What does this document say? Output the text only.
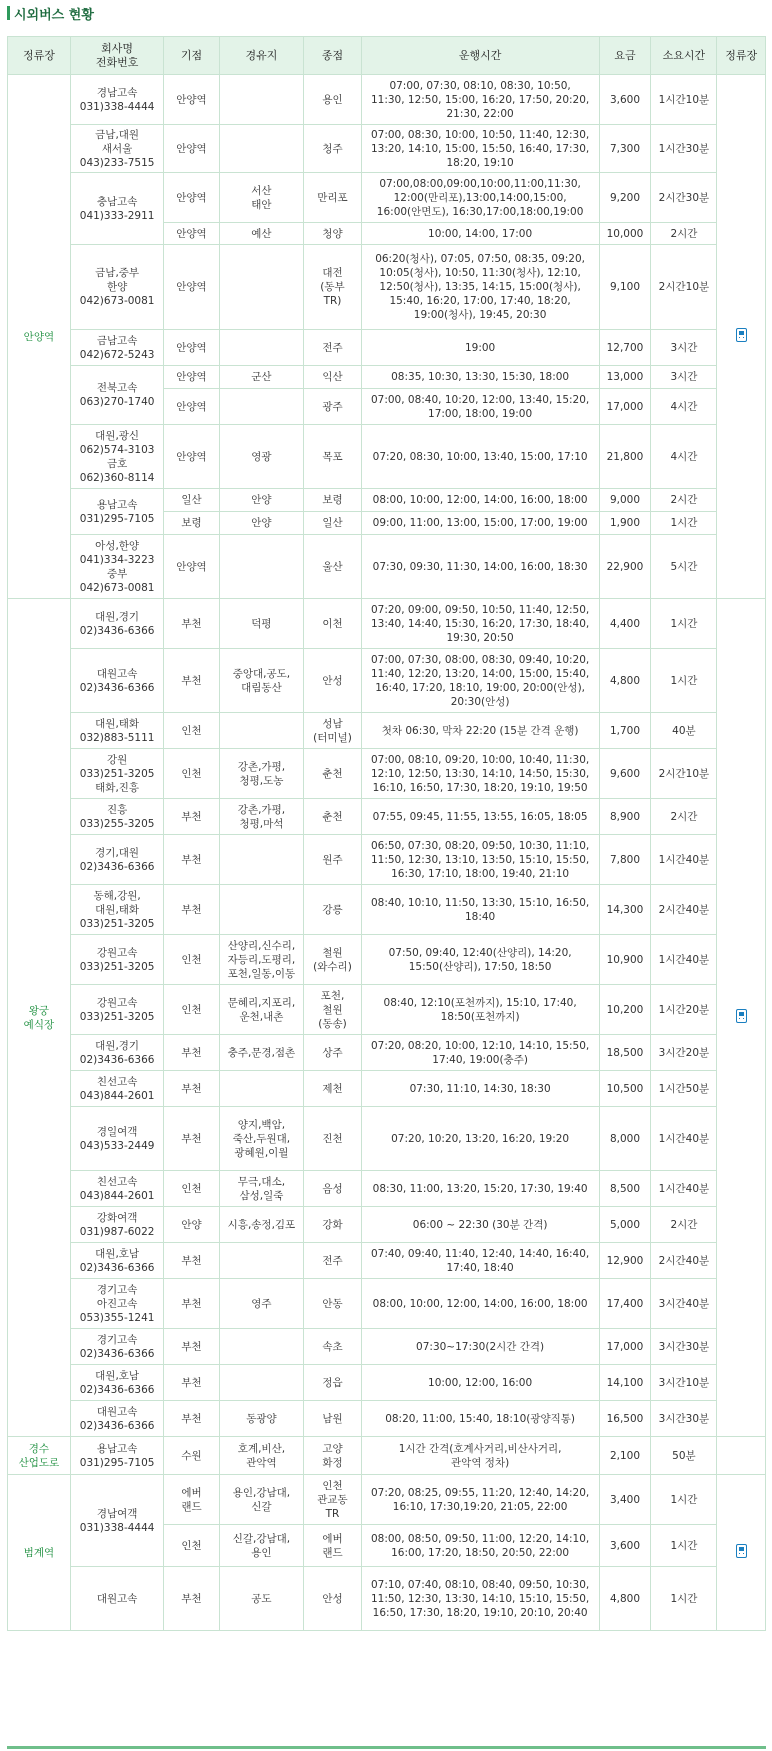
시외버스 현황
정류장	회사명
전화번호	기점	경유지	종점	운행시간	요금	소요시간	정류장
안양역	경남고속
031)338-4444	안양역		용인	07:00, 07:30, 08:10, 08:30, 10:50,
11:30, 12:50, 15:00, 16:20, 17:50, 20:20,
21:30, 22:00	3,600	1시간10분	
	금남,대원
새서울
043)233-7515	안양역		청주	07:00, 08:30, 10:00, 10:50, 11:40, 12:30,
13:20, 14:10, 15:00, 15:50, 16:40, 17:30,
18:20, 19:10	7,300	1시간30분	
	충남고속
041)333-2911	안양역	서산
태안	만리포	07:00,08:00,09:00,10:00,11:00,11:30,
12:00(만리포),13:00,14:00,15:00,
16:00(안면도), 16:30,17:00,18:00,19:00	9,200	2시간30분	
		안양역	예산	청양	10:00, 14:00, 17:00	10,000	2시간	
	금남,중부
한양
042)673-0081	안양역		대전
(동부
TR)	06:20(청사), 07:05, 07:50, 08:35, 09:20,
10:05(청사), 10:50, 11:30(청사), 12:10,
12:50(청사), 13:35, 14:15, 15:00(청사),
15:40, 16:20, 17:00, 17:40, 18:20,
19:00(청사), 19:45, 20:30	9,100	2시간10분	
	금남고속
042)672-5243	안양역		전주	19:00	12,700	3시간	
	전북고속
063)270-1740	안양역	군산	익산	08:35, 10:30, 13:30, 15:30, 18:00	13,000	3시간	
		안양역		광주	07:00, 08:40, 10:20, 12:00, 13:40, 15:20,
17:00, 18:00, 19:00	17,000	4시간	
	대원,광신
062)574-3103
금호
062)360-8114	안양역	영광	목포	07:20, 08:30, 10:00, 13:40, 15:00, 17:10	21,800	4시간	
	용남고속
031)295-7105	일산	안양	보령	08:00, 10:00, 12:00, 14:00, 16:00, 18:00	9,000	2시간	
		보령	안양	일산	09:00, 11:00, 13:00, 15:00, 17:00, 19:00	1,900	1시간	
	아성,한양
041)334-3223
중부
042)673-0081	안양역		울산	07:30, 09:30, 11:30, 14:00, 16:00, 18:30	22,900	5시간	
왕궁
예식장	대원,경기
02)3436-6366	부천	덕평	이천	07:20, 09:00, 09:50, 10:50, 11:40, 12:50,
13:40, 14:40, 15:30, 16:20, 17:30, 18:40,
19:30, 20:50	4,400	1시간	
	대원고속
02)3436-6366	부천	중앙대,공도,
대림동산	안성	07:00, 07:30, 08:00, 08:30, 09:40, 10:20,
11:40, 12:20, 13:20, 14:00, 15:00, 15:40,
16:40, 17:20, 18:10, 19:00, 20:00(안성),
20:30(안성)	4,800	1시간	
	대원,태화
032)883-5111	인천		성남
(터미널)	첫차 06:30, 막차 22:20 (15분 간격 운행)	1,700	40분	
	강원
033)251-3205
태화,진흥	인천	강촌,가평,
청평,도농	춘천	07:00, 08:10, 09:20, 10:00, 10:40, 11:30,
12:10, 12:50, 13:30, 14:10, 14:50, 15:30,
16:10, 16:50, 17:30, 18:20, 19:10, 19:50	9,600	2시간10분	
	진흥
033)255-3205	부천	강촌,가평,
청평,마석	춘천	07:55, 09:45, 11:55, 13:55, 16:05, 18:05	8,900	2시간	
	경기,대원
02)3436-6366	부천		원주	06:50, 07:30, 08:20, 09:50, 10:30, 11:10,
11:50, 12:30, 13:10, 13:50, 15:10, 15:50,
16:30, 17:10, 18:00, 19:40, 21:10	7,800	1시간40분	
	동해,강원,
대원,태화
033)251-3205	부천		강릉	08:40, 10:10, 11:50, 13:30, 15:10, 16:50,
18:40	14,300	2시간40분	
	강원고속
033)251-3205	인천	산양리,신수리,
자등리,도평리,
포천,일동,이동	철원
(와수리)	07:50, 09:40, 12:40(산양리), 14:20,
15:50(산양리), 17:50, 18:50	10,900	1시간40분	
	강원고속
033)251-3205	인천	문혜리,지포리,
운천,내촌	포천,
철원
(동송)	08:40, 12:10(포천까지), 15:10, 17:40,
18:50(포천까지)	10,200	1시간20분	
	대원,경기
02)3436-6366	부천	충주,문경,점촌	상주	07:20, 08:20, 10:00, 12:10, 14:10, 15:50,
17:40, 19:00(충주)	18,500	3시간20분	
	친선고속
043)844-2601	부천		제천	07:30, 11:10, 14:30, 18:30	10,500	1시간50분	
	경일여객
043)533-2449	부천	양지,백암,
죽산,두원대,
광혜원,이월	진천	07:20, 10:20, 13:20, 16:20, 19:20	8,000	1시간40분	
	친선고속
043)844-2601	인천	무극,대소,
삼성,일죽	음성	08:30, 11:00, 13:20, 15:20, 17:30, 19:40	8,500	1시간40분	
	강화여객
031)987-6022	안양	시흥,송정,김포	강화	06:00 ~ 22:30 (30분 간격)	5,000	2시간	
	대원,호남
02)3436-6366	부천		전주	07:40, 09:40, 11:40, 12:40, 14:40, 16:40,
17:40, 18:40	12,900	2시간40분	
	경기고속
아진고속
053)355-1241	부천	영주	안동	08:00, 10:00, 12:00, 14:00, 16:00, 18:00	17,400	3시간40분	
	경기고속
02)3436-6366	부천		속초	07:30~17:30(2시간 간격)	17,000	3시간30분	
	대원,호남
02)3436-6366	부천		정읍	10:00, 12:00, 16:00	14,100	3시간10분	
	대원고속
02)3436-6366	부천	동광양	남원	08:20, 11:00, 15:40, 18:10(광양직통)	16,500	3시간30분	
경수
산업도로	용남고속
031)295-7105	수원	호계,비산,
관악역	고양
화정	1시간 간격(호계사거리,비산사거리,
관악역 정차)	2,100	50분	
범계역	경남여객
031)338-4444	에버
랜드	용인,강남대,
신갈	인천
관교동
TR	07:20, 08:25, 09:55, 11:20, 12:40, 14:20,
16:10, 17:30,19:20, 21:05, 22:00	3,400	1시간	
		인천	신갈,강남대,
용인	에버
랜드	08:00, 08:50, 09:50, 11:00, 12:20, 14:10,
16:00, 17:20, 18:50, 20:50, 22:00	3,600	1시간	
	대원고속	부천	공도	안성	07:10, 07:40, 08:10, 08:40, 09:50, 10:30,
11:50, 12:30, 13:30, 14:10, 15:10, 15:50,
16:50, 17:30, 18:20, 19:10, 20:10, 20:40	4,800	1시간	
